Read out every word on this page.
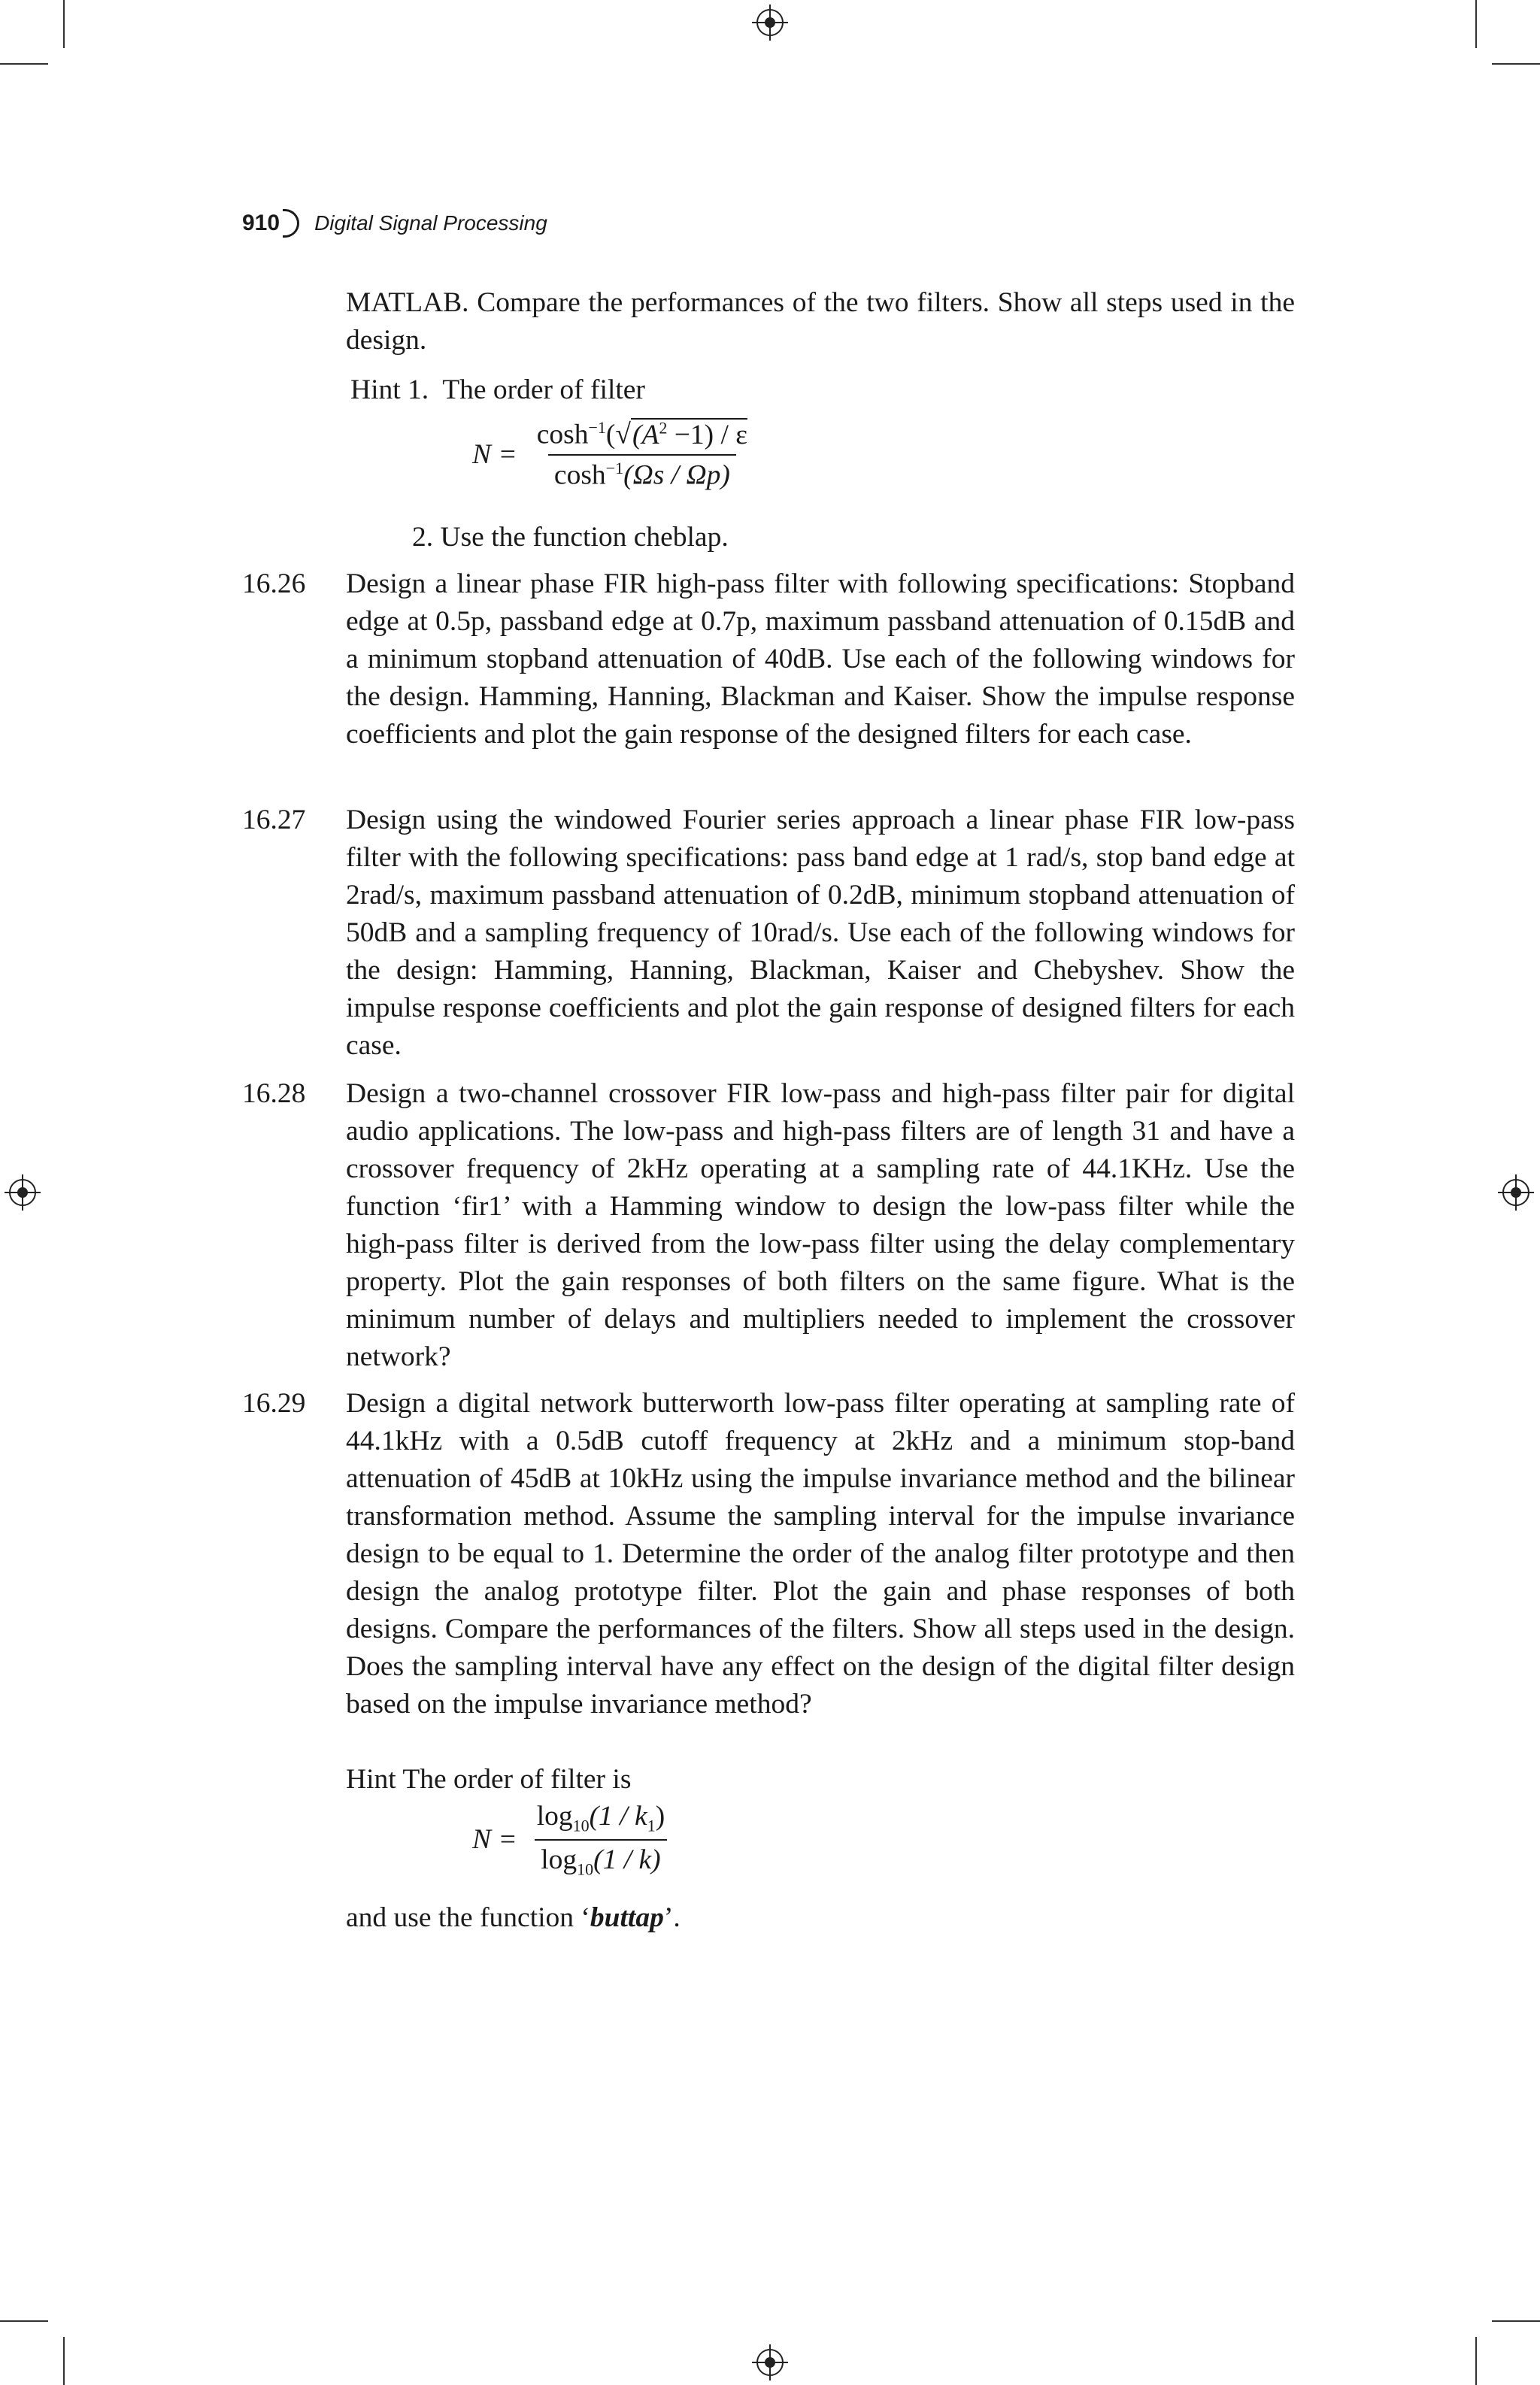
910 Digital Signal Processing
MATLAB. Compare the performances of the two filters. Show all steps used in the design.
Hint 1. The order of filter
$N = \frac{\cosh^{-1}(√(A^2 -1) / \varepsilon}{\cosh^{-1}(\Omega s / \Omega p)}$
2. Use the function cheblap.
16.26 Design a linear phase FIR high-pass filter with following specifications: Stopband edge at 0.5p, passband edge at 0.7p, maximum passband attenuation of 0.15dB and a minimum stopband attenuation of 40dB. Use each of the following windows for the design. Hamming, Hanning, Blackman and Kaiser. Show the impulse response coefficients and plot the gain response of the designed filters for each case.
16.27 Design using the windowed Fourier series approach a linear phase FIR low-pass filter with the following specifications: pass band edge at 1 rad/s, stop band edge at 2rad/s, maximum passband attenuation of 0.2dB, minimum stopband attenuation of 50dB and a sampling frequency of 10rad/s. Use each of the following windows for the design: Hamming, Hanning, Blackman, Kaiser and Chebyshev. Show the impulse response coefficients and plot the gain response of designed filters for each case.
16.28 Design a two-channel crossover FIR low-pass and high-pass filter pair for digital audio applications. The low-pass and high-pass filters are of length 31 and have a crossover frequency of 2kHz operating at a sampling rate of 44.1KHz. Use the function ‘fir1’ with a Hamming window to design the low-pass filter while the high-pass filter is derived from the low-pass filter using the delay complementary property. Plot the gain responses of both filters on the same figure. What is the minimum number of delays and multipliers needed to implement the crossover network?
16.29 Design a digital network butterworth low-pass filter operating at sampling rate of 44.1kHz with a 0.5dB cutoff frequency at 2kHz and a minimum stop-band attenuation of 45dB at 10kHz using the impulse invariance method and the bilinear transformation method. Assume the sampling interval for the impulse invariance design to be equal to 1. Determine the order of the analog filter prototype and then design the analog prototype filter. Plot the gain and phase responses of both designs. Compare the performances of the filters. Show all steps used in the design. Does the sampling interval have any effect on the design of the digital filter design based on the impulse invariance method?
Hint The order of filter is
$N = \frac{\log_{10}(1 / k_1)}{\log_{10}(1 / k)}$
and use the function ‘buttap’.
